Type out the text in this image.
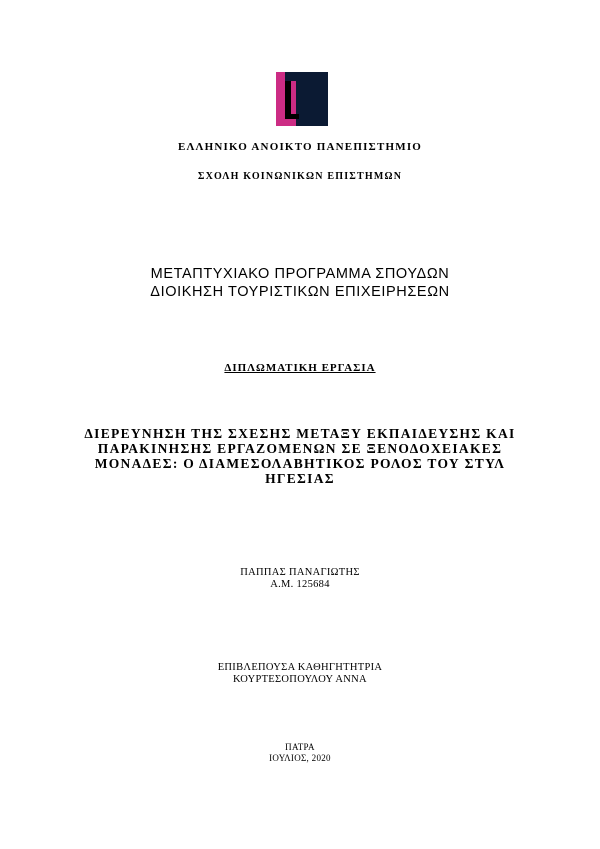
ΕΛΛΗΝΙΚΟ ΑΝΟΙΚΤΟ ΠΑΝΕΠΙΣΤΗΜΙΟ
ΣΧΟΛΗ ΚΟΙΝΩΝΙΚΩΝ ΕΠΙΣΤΗΜΩΝ
ΜΕΤΑΠΤΥΧΙΑΚΟ ΠΡΟΓΡΑΜΜΑ ΣΠΟΥΔΩΝ
ΔΙΟΙΚΗΣΗ ΤΟΥΡΙΣΤΙΚΩΝ ΕΠΙΧΕΙΡΗΣΕΩΝ
ΔΙΠΛΩΜΑΤΙΚΗ ΕΡΓΑΣΙΑ
ΔΙΕΡΕΥΝΗΣΗ ΤΗΣ ΣΧΕΣΗΣ ΜΕΤΑΞΥ ΕΚΠΑΙΔΕΥΣΗΣ ΚΑΙ
ΠΑΡΑΚΙΝΗΣΗΣ ΕΡΓΑΖΟΜΕΝΩΝ ΣΕ ΞΕΝΟΔΟΧΕΙΑΚΕΣ
ΜΟΝΑΔΕΣ: Ο ΔΙΑΜΕΣΟΛΑΒΗΤΙΚΟΣ ΡΟΛΟΣ ΤΟΥ ΣΤΥΛ
ΗΓΕΣΙΑΣ
ΠΑΠΠΑΣ ΠΑΝΑΓΙΩΤΗΣ
Α.Μ. 125684
ΕΠΙΒΛΕΠΟΥΣΑ ΚΑΘΗΓΗΤΗΤΡΙΑ
ΚΟΥΡΤΕΣΟΠΟΥΛΟΥ ΑΝΝΑ
ΠΑΤΡΑ
ΙΟΥΛΙΟΣ, 2020
